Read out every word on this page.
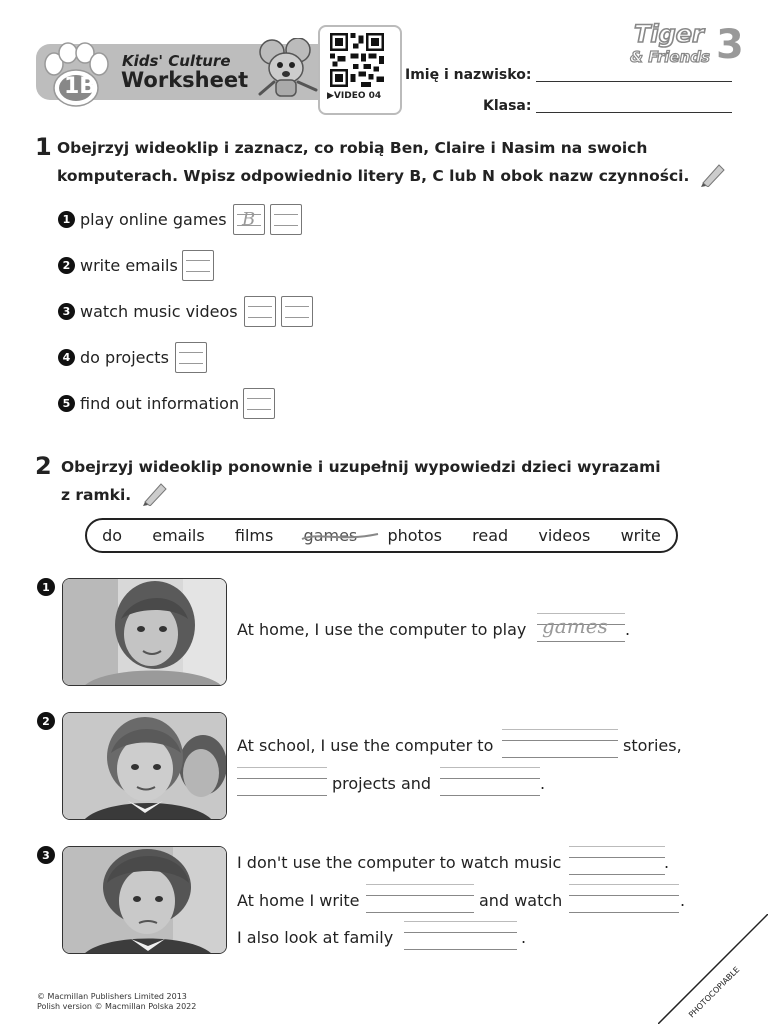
1B
Kids' Culture
Worksheet
▶VIDEO 04
Tiger
& Friends 3
Imię i nazwisko:
Klasa:
1 Obejrzyj wideoklip i zaznacz, co robią Ben, Claire i Nasim na swoich
komputerach. Wpisz odpowiednio litery B, C lub N obok nazw czynności.
1 play online games B
2 write emails
3 watch music videos
4 do projects
5 find out information
2 Obejrzyj wideoklip ponownie i uzupełnij wypowiedzi dzieci wyrazami
z ramki.
do emails films games photos read videos write
1
At home, I use the computer to play games .
2
At school, I use the computer to	stories,
projects and	.
3	I don't use the computer to watch music	.
At home I write	and watch	.
I also look at family	.
© Macmillan Publishers Limited 2013
Polish version © Macmillan Polska 2022	PHOTOCOPIABLE
